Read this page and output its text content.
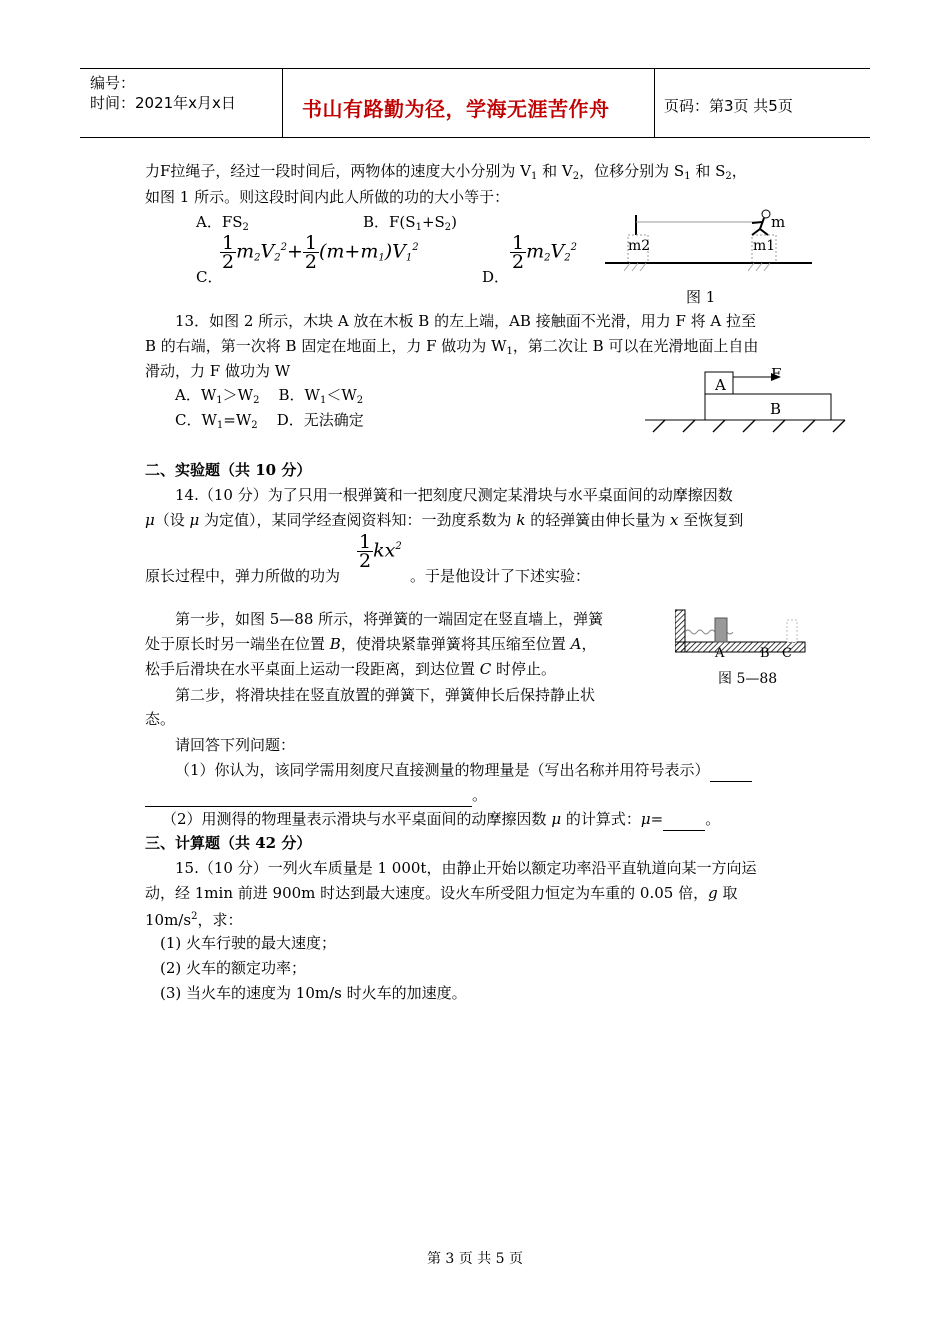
编号：
时间：2021年x月x日	书山有路勤为径，学海无涯苦作舟	页码：第3页 共5页
力F拉绳子，经过一段时间后，两物体的速度大小分别为 $V_1$ 和 $V_2$，位移分别为 $S_1$ 和 $S_2$，
如图 1 所示。则这段时间内此人所做的功的大小等于：
A．$FS_2$	B．$F(S_1+S_2)$
C．
$\frac{1}{2} m_2V_2^2+ \frac{1}{2} (m+m_1)V_1^2$
D．
$\frac{1}{2} m_2V_2^2$
m
m2	m1
图 1
13．如图 2 所示，木块 A 放在木板 B 的左上端，AB 接触面不光滑，用力 F 将 A 拉至
B 的右端，第一次将 B 固定在地面上，力 F 做功为 $W_1$，第二次让 B 可以在光滑地面上自由
滑动，力 F 做功为 W
A．$W_1>W_2$ B．$W_1<W_2$
C．$W_1=W_2$ D．无法确定
A
B
F
二、实验题（共 10 分）
14.（10 分）为了只用一根弹簧和一把刻度尺测定某滑块与水平桌面间的动摩擦因数
μ（设 μ 为定值），某同学经查阅资料知：一劲度系数为 k 的轻弹簧由伸长量为 x 至恢复到
原长过程中，弹力所做的功为
$\frac{1}{2} kx^2$
。于是他设计了下述实验：
第一步，如图 5—88 所示，将弹簧的一端固定在竖直墙上，弹簧
处于原长时另一端坐在位置 B，使滑块紧靠弹簧将其压缩至位置 A，
松手后滑块在水平桌面上运动一段距离，到达位置 C 时停止。
第二步，将滑块挂在竖直放置的弹簧下，弹簧伸长后保持静止状
态。
A	B C
图 5—88
请回答下列问题：
（1）你认为，该同学需用刻度尺直接测量的物理量是（写出名称并用符号表示）
。
（2）用测得的物理量表示滑块与水平桌面间的动摩擦因数 μ 的计算式：μ=	。
三、计算题（共 42 分）
15.（10 分）一列火车质量是 1 000t，由静止开始以额定功率沿平直轨道向某一方向运
动，经 1min 前进 900m 时达到最大速度。设火车所受阻力恒定为车重的 0.05 倍，g 取
$10m/s^2$，求：
(1) 火车行驶的最大速度；
(2) 火车的额定功率；
(3) 当火车的速度为 10m/s 时火车的加速度。
第 3 页 共 5 页
